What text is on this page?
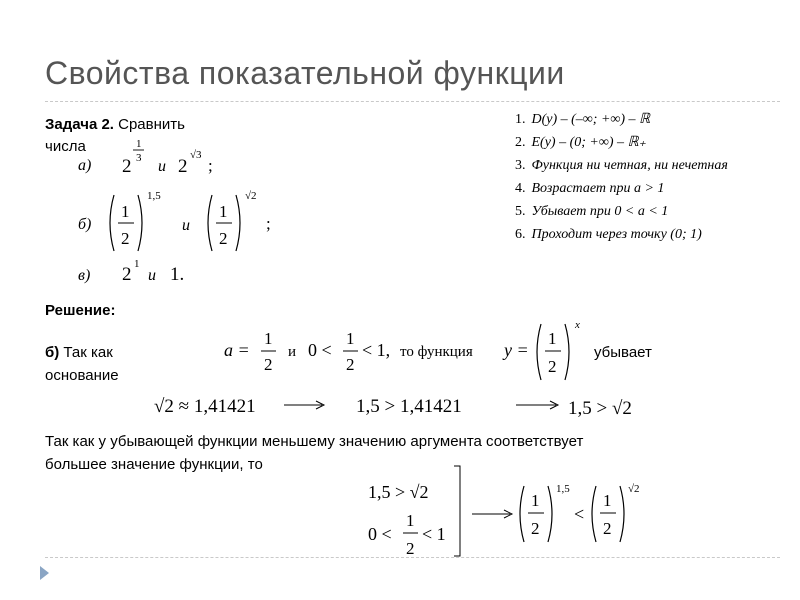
Свойства показательной функции
Задача 2. Сравнить
числа
а) 2
1
3 и 2
√3
;
б)
1
2
1,5
и
1
2
√2
;
в) 2 1
и 1.
1. D(y) – (–∞; +∞) – ℝ
2. E(y) – (0; +∞) – ℝ₊
3. Функция ни четная, ни нечетная
4. Возрастает при a > 1
5. Убывает при 0 < a < 1
6. Проходит через точку (0; 1)
Решение:
б) Так как
основание
a =
1
2
и 0 <
1
2
< 1, то функция y =
1
2
x
убывает
√2 ≈ 1,41421	1,5 > 1,41421	1,5 > √2
Так как у убывающей функции меньшему значению аргумента соответствует
большее значение функции, то
1,5 > √2
0 <
1
2
< 1
1
2
1,5
<
1
2
√2
